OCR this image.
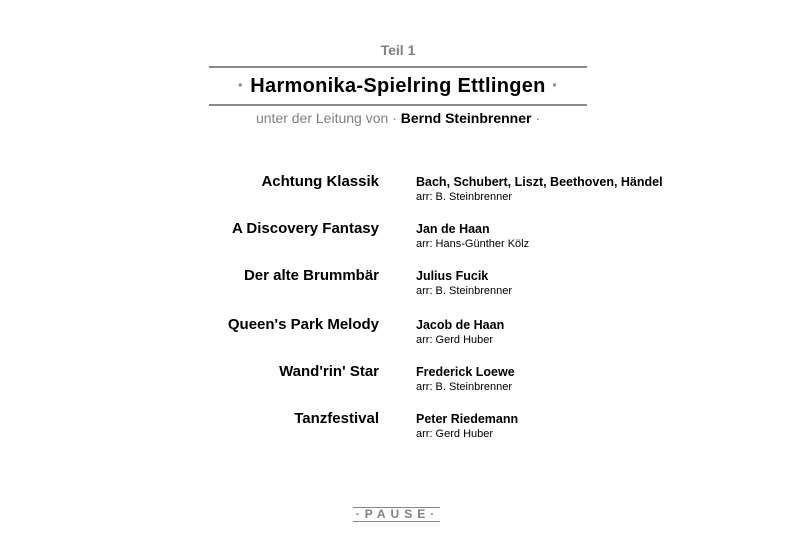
Teil 1
· Harmonika-Spielring Ettlingen ·
unter der Leitung von · Bernd Steinbrenner ·
Achtung Klassik	Bach, Schubert, Liszt, Beethoven, Händel
arr: B. Steinbrenner
A Discovery Fantasy	Jan de Haan
arr: Hans-Günther Kölz
Der alte Brummbär	Julius Fucik
arr: B. Steinbrenner
Queen's Park Melody	Jacob de Haan
arr: Gerd Huber
Wand'rin' Star	Frederick Loewe
arr: B. Steinbrenner
Tanzfestival	Peter Riedemann
arr: Gerd Huber
·PAUSE·
